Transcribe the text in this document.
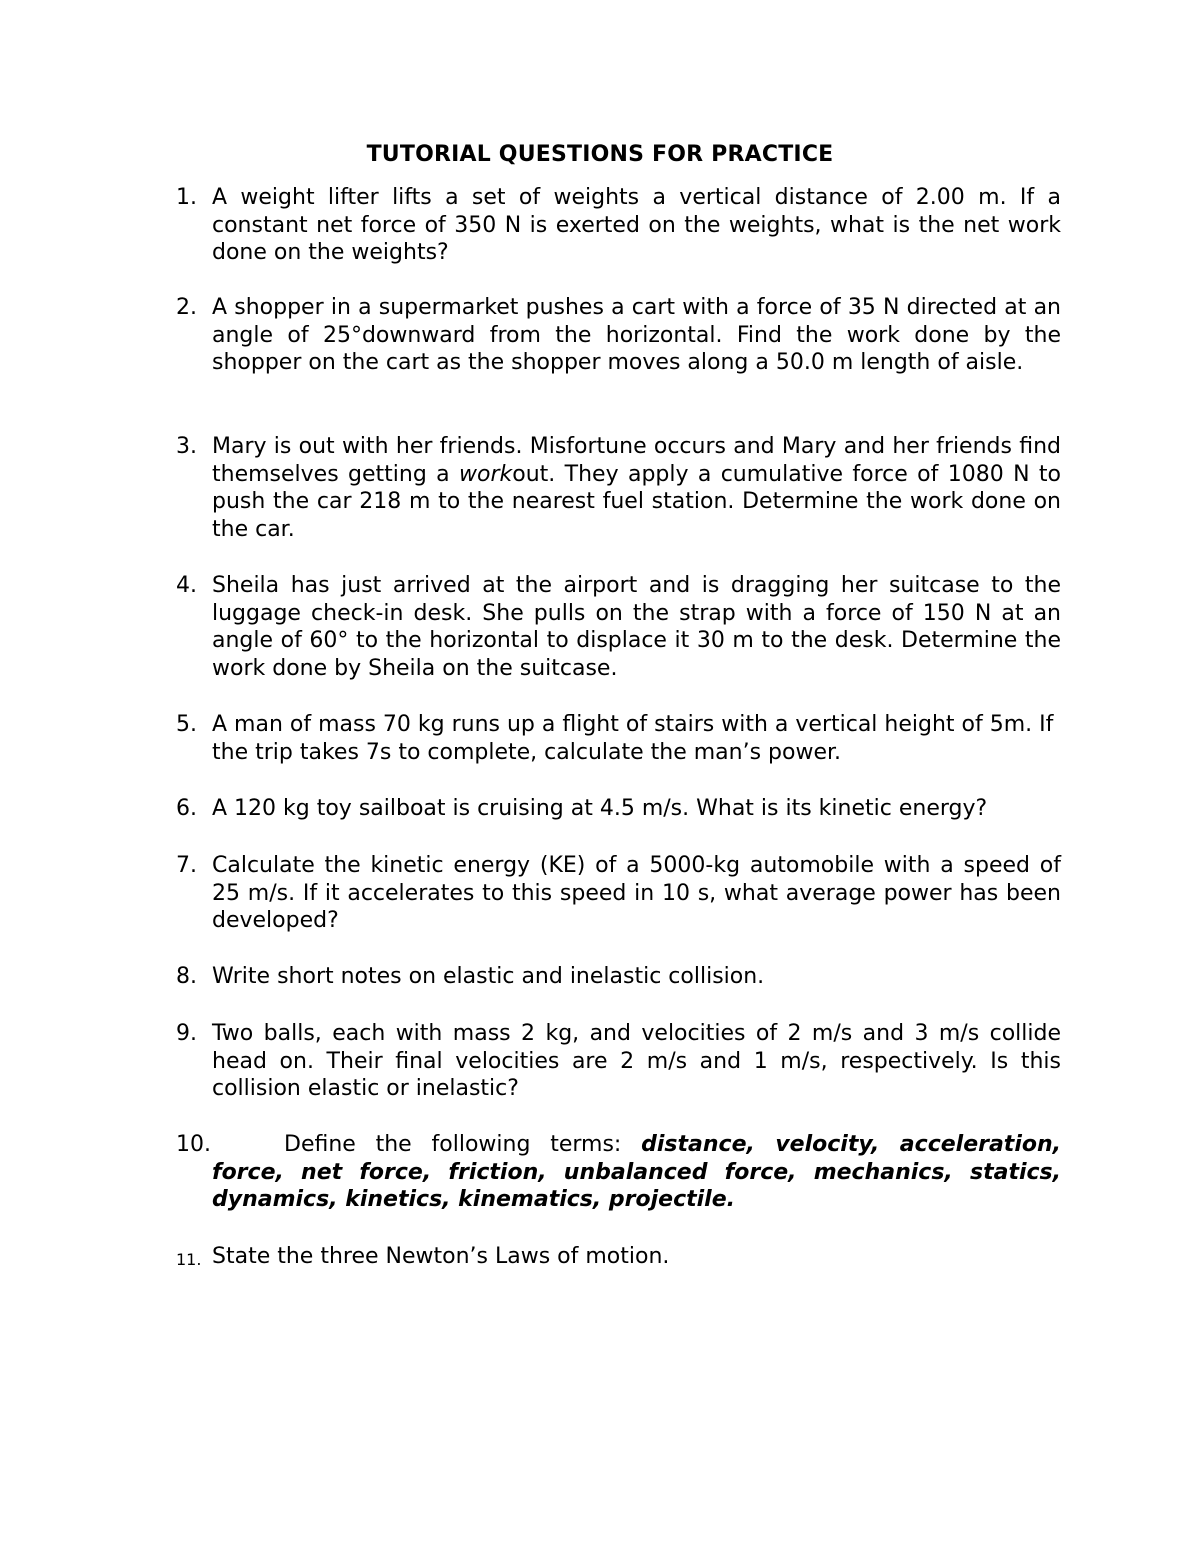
TUTORIAL QUESTIONS FOR PRACTICE
1. A weight lifter lifts a set of weights a vertical distance of 2.00 m. If a constant net force of 350 N is exerted on the weights, what is the net work done on the weights?
2. A shopper in a supermarket pushes a cart with a force of 35 N directed at an angle of 25°downward from the horizontal. Find the work done by the shopper on the cart as the shopper moves along a 50.0 m length of aisle.
3. Mary is out with her friends. Misfortune occurs and Mary and her friends find themselves getting a workout. They apply a cumulative force of 1080 N to push the car 218 m to the nearest fuel station. Determine the work done on the car.
4. Sheila has just arrived at the airport and is dragging her suitcase to the luggage check-in desk. She pulls on the strap with a force of 150 N at an angle of 60° to the horizontal to displace it 30 m to the desk. Determine the work done by Sheila on the suitcase.
5. A man of mass 70 kg runs up a flight of stairs with a vertical height of 5m. If the trip takes 7s to complete, calculate the man’s power.
6. A 120 kg toy sailboat is cruising at 4.5 m/s. What is its kinetic energy?
7. Calculate the kinetic energy (KE) of a 5000-kg automobile with a speed of 25 m/s. If it accelerates to this speed in 10 s, what average power has been developed?
8. Write short notes on elastic and inelastic collision.
9. Two balls, each with mass 2 kg, and velocities of 2 m/s and 3 m/s collide head on. Their final velocities are 2 m/s and 1 m/s, respectively. Is this collision elastic or inelastic?
10.	Define the following terms: distance, velocity, acceleration, force, net force, friction, unbalanced force, mechanics, statics, dynamics, kinetics, kinematics, projectile.
11. State the three Newton’s Laws of motion.
